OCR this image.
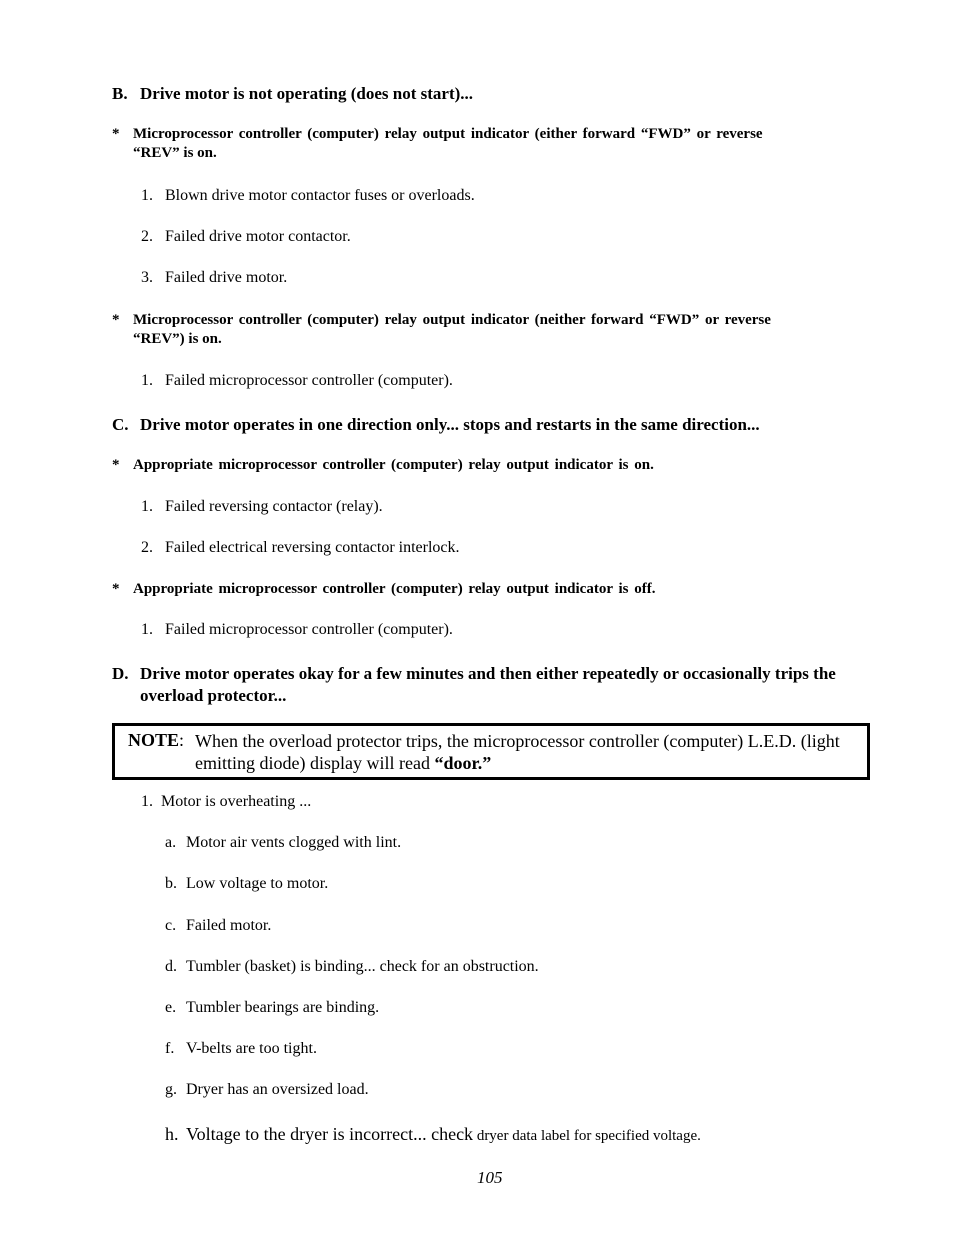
B. Drive motor is not operating (does not start)...
* Microprocessor controller (computer) relay output indicator (either forward “FWD” or reverse
“REV” is on.
1. Blown drive motor contactor fuses or overloads.
2. Failed drive motor contactor.
3. Failed drive motor.
* Microprocessor controller (computer) relay output indicator (neither forward “FWD” or reverse
“REV”) is on.
1. Failed microprocessor controller (computer).
C. Drive motor operates in one direction only... stops and restarts in the same direction...
* Appropriate microprocessor controller (computer) relay output indicator is on.
1. Failed reversing contactor (relay).
2. Failed electrical reversing contactor interlock.
* Appropriate microprocessor controller (computer) relay output indicator is off.
1. Failed microprocessor controller (computer).
D. Drive motor operates okay for a few minutes and then either repeatedly or occasionally trips the
overload protector...
NOTE: When the overload protector trips, the microprocessor controller (computer) L.E.D. (light
emitting diode) display will read “door.”
1. Motor is overheating ...
a. Motor air vents clogged with lint.
b. Low voltage to motor.
c. Failed motor.
d. Tumbler (basket) is binding... check for an obstruction.
e. Tumbler bearings are binding.
f. V-belts are too tight.
g. Dryer has an oversized load.
h. Voltage to the dryer is incorrect... check dryer data label for specified voltage.
105
